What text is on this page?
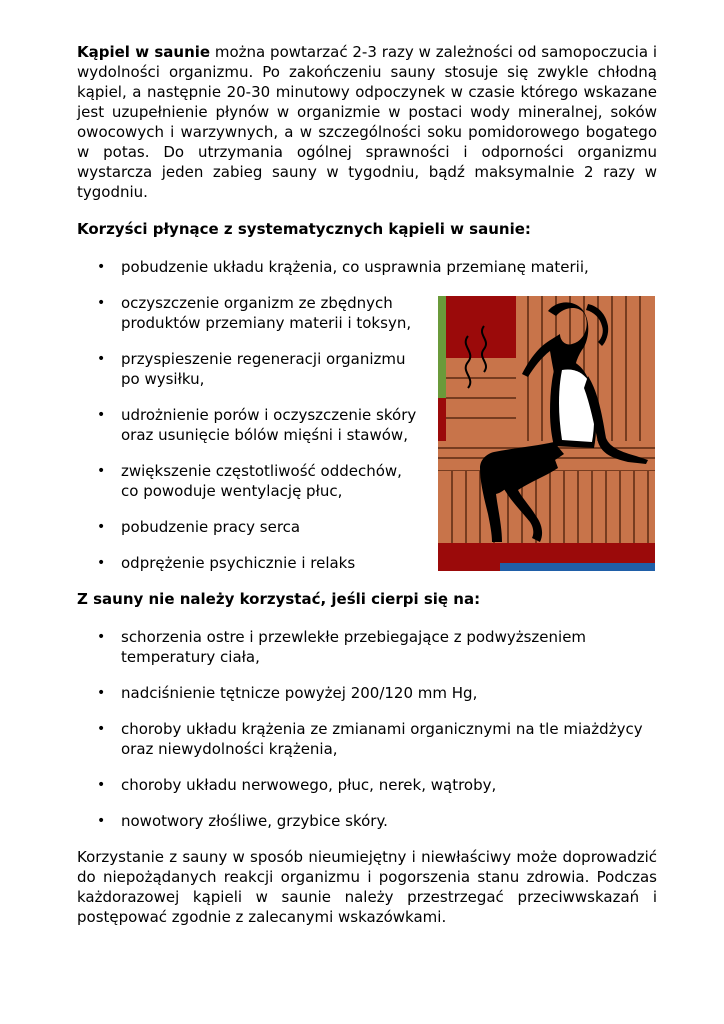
Kąpiel w saunie można powtarzać 2-3 razy w zależności od samopoczucia i wydolności organizmu. Po zakończeniu sauny stosuje się zwykle chłodną kąpiel, a następnie 20-30 minutowy odpoczynek w czasie którego wskazane jest uzupełnienie płynów w organizmie w postaci wody mineralnej, soków owocowych i warzywnych, a w szczególności soku pomidorowego bogatego w potas. Do utrzymania ogólnej sprawności i odporności organizmu wystarcza jeden zabieg sauny w tygodniu, bądź maksymalnie 2 razy w tygodniu.

Korzyści płynące z systematycznych kąpieli w saunie:
• pobudzenie układu krążenia, co usprawnia przemianę materii,
• oczyszczenie organizm ze zbędnych produktów przemiany materii i toksyn,
• przyspieszenie regeneracji organizmu po wysiłku,
• udrożnienie porów i oczyszczenie skóry oraz usunięcie bólów mięśni i stawów,
• zwiększenie częstotliwość oddechów, co powoduje wentylację płuc,
• pobudzenie pracy serca
• odprężenie psychicznie i relaks
Z sauny nie należy korzystać, jeśli cierpi się na:
• schorzenia ostre i przewlekłe przebiegające z podwyższeniem temperatury ciała,
• nadciśnienie tętnicze powyżej 200/120 mm Hg,
• choroby układu krążenia ze zmianami organicznymi na tle miażdżycy oraz niewydolności krążenia,
• choroby układu nerwowego, płuc, nerek, wątroby,
• nowotwory złośliwe, grzybice skóry.

Korzystanie z sauny w sposób nieumiejętny i niewłaściwy może doprowadzić do niepożądanych reakcji organizmu i pogorszenia stanu zdrowia. Podczas każdorazowej kąpieli w saunie należy przestrzegać przeciwwskazań i postępować zgodnie z zalecanymi wskazówkami.
